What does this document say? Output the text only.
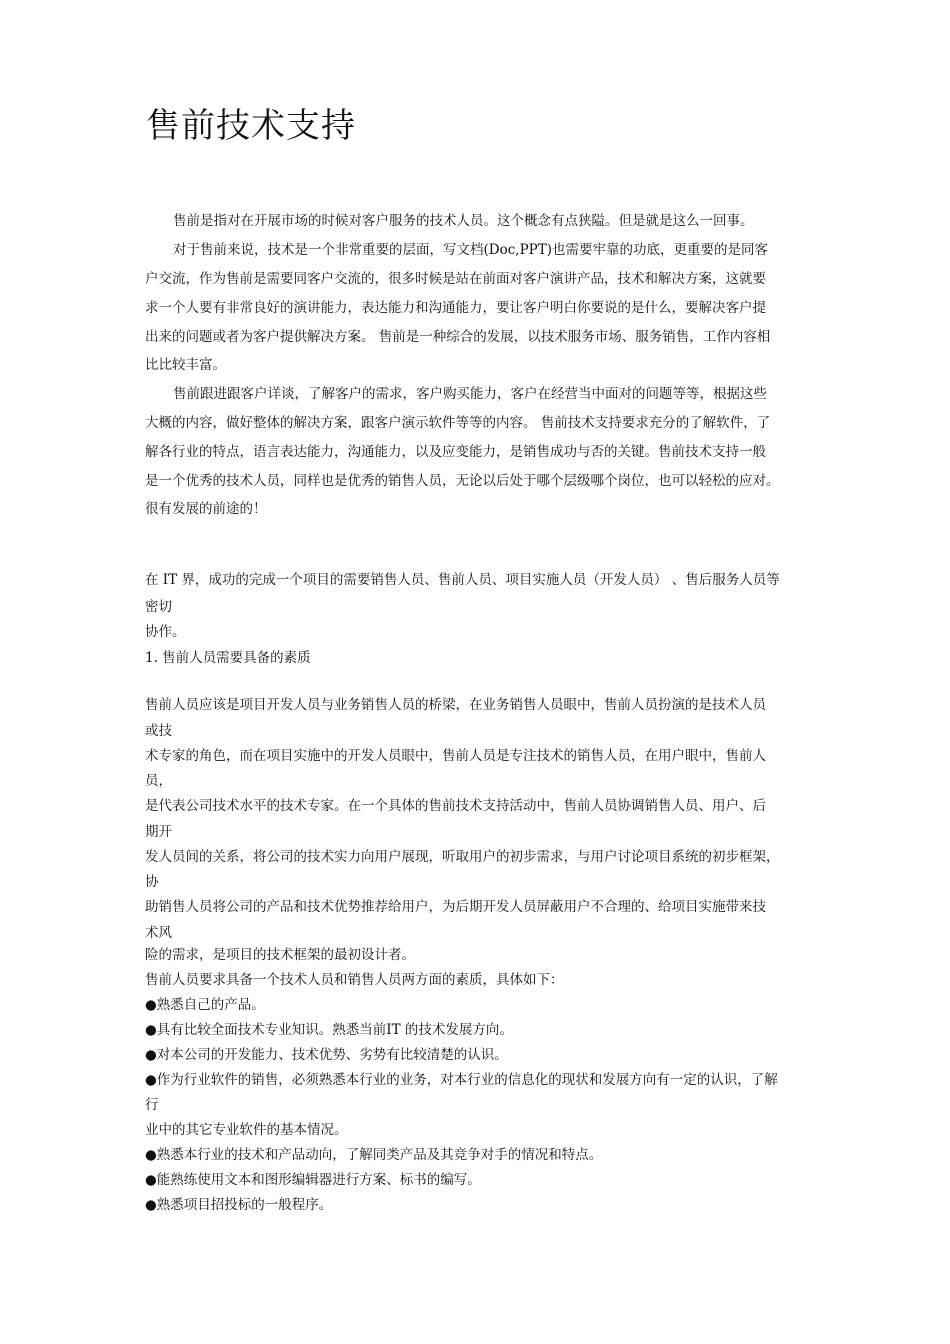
售前技术支持
售前是指对在开展市场的时候对客户服务的技术人员。这个概念有点狭隘。但是就是这么一回事。
对于售前来说，技术是一个非常重要的层面，写文档(Doc,PPT)也需要牢靠的功底，更重要的是同客
户交流，作为售前是需要同客户交流的，很多时候是站在前面对客户演讲产品，技术和解决方案，这就要
求一个人要有非常良好的演讲能力，表达能力和沟通能力，要让客户明白你要说的是什么，要解决客户提
出来的问题或者为客户提供解决方案。 售前是一种综合的发展，以技术服务市场、服务销售，工作内容相
比比较丰富。
售前跟进跟客户详谈，了解客户的需求，客户购买能力，客户在经营当中面对的问题等等，根据这些
大概的内容，做好整体的解决方案，跟客户演示软件等等的内容。 售前技术支持要求充分的了解软件，了
解各行业的特点，语言表达能力，沟通能力，以及应变能力，是销售成功与否的关键。售前技术支持一般
是一个优秀的技术人员，同样也是优秀的销售人员，无论以后处于哪个层级哪个岗位，也可以轻松的应对。
很有发展的前途的！
在 IT 界，成功的完成一个项目的需要销售人员、售前人员、项目实施人员（开发人员） 、售后服务人员等
密切
协作。
1. 售前人员需要具备的素质
售前人员应该是项目开发人员与业务销售人员的桥梁，在业务销售人员眼中，售前人员扮演的是技术人员
或技
术专家的角色，而在项目实施中的开发人员眼中，售前人员是专注技术的销售人员，在用户眼中，售前人
员，
是代表公司技术水平的技术专家。在一个具体的售前技术支持活动中，售前人员协调销售人员、用户、后
期开
发人员间的关系，将公司的技术实力向用户展现，听取用户的初步需求，与用户讨论项目系统的初步框架，
协
助销售人员将公司的产品和技术优势推荐给用户，为后期开发人员屏蔽用户不合理的、给项目实施带来技
术风
险的需求，是项目的技术框架的最初设计者。
售前人员要求具备一个技术人员和销售人员两方面的素质，具体如下：
●熟悉自己的产品。
●具有比较全面技术专业知识。熟悉当前IT 的技术发展方向。
●对本公司的开发能力、技术优势、劣势有比较清楚的认识。
●作为行业软件的销售，必须熟悉本行业的业务，对本行业的信息化的现状和发展方向有一定的认识，了解
行
业中的其它专业软件的基本情况。
●熟悉本行业的技术和产品动向，了解同类产品及其竞争对手的情况和特点。
●能熟练使用文本和图形编辑器进行方案、标书的编写。
●熟悉项目招投标的一般程序。
